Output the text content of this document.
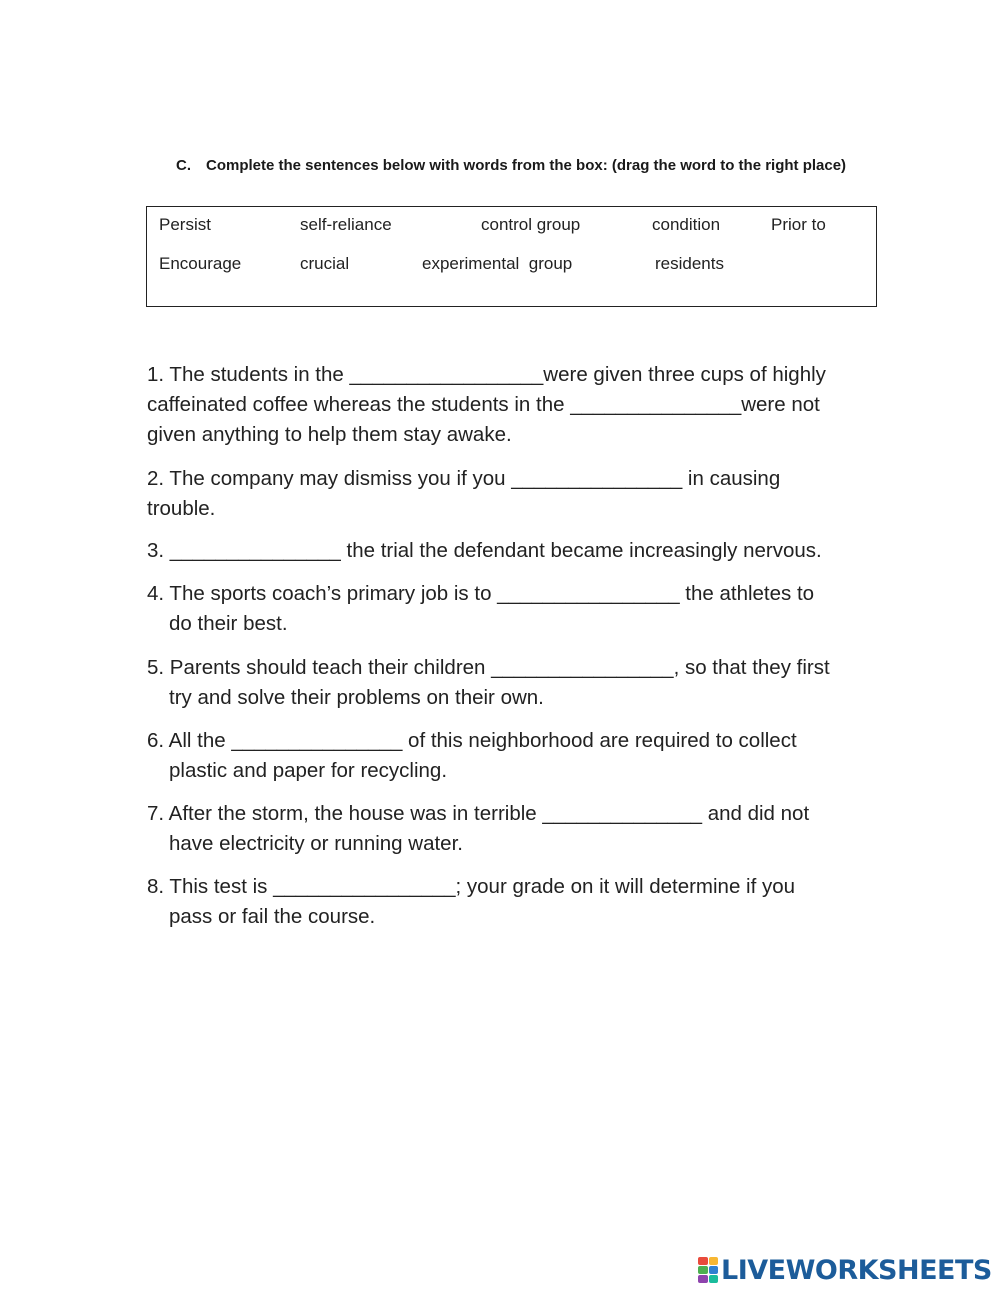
C. Complete the sentences below with words from the box: (drag the word to the right place)
Persist	self-reliance	control group	condition	Prior to
Encourage	crucial	experimental  group	residents
1. The students in the _________________were given three cups of highly
caffeinated coffee whereas the students in the _______________were not
given anything to help them stay awake.
2. The company may dismiss you if you _______________ in causing
trouble.
3. _______________ the trial the defendant became increasingly nervous.
4. The sports coach’s primary job is to ________________ the athletes to
do their best.
5. Parents should teach their children ________________, so that they first
try and solve their problems on their own.
6. All the _______________ of this neighborhood are required to collect
plastic and paper for recycling.
7. After the storm, the house was in terrible ______________ and did not
have electricity or running water.
8. This test is ________________; your grade on it will determine if you
pass or fail the course.
LIVEWORKSHEETS
